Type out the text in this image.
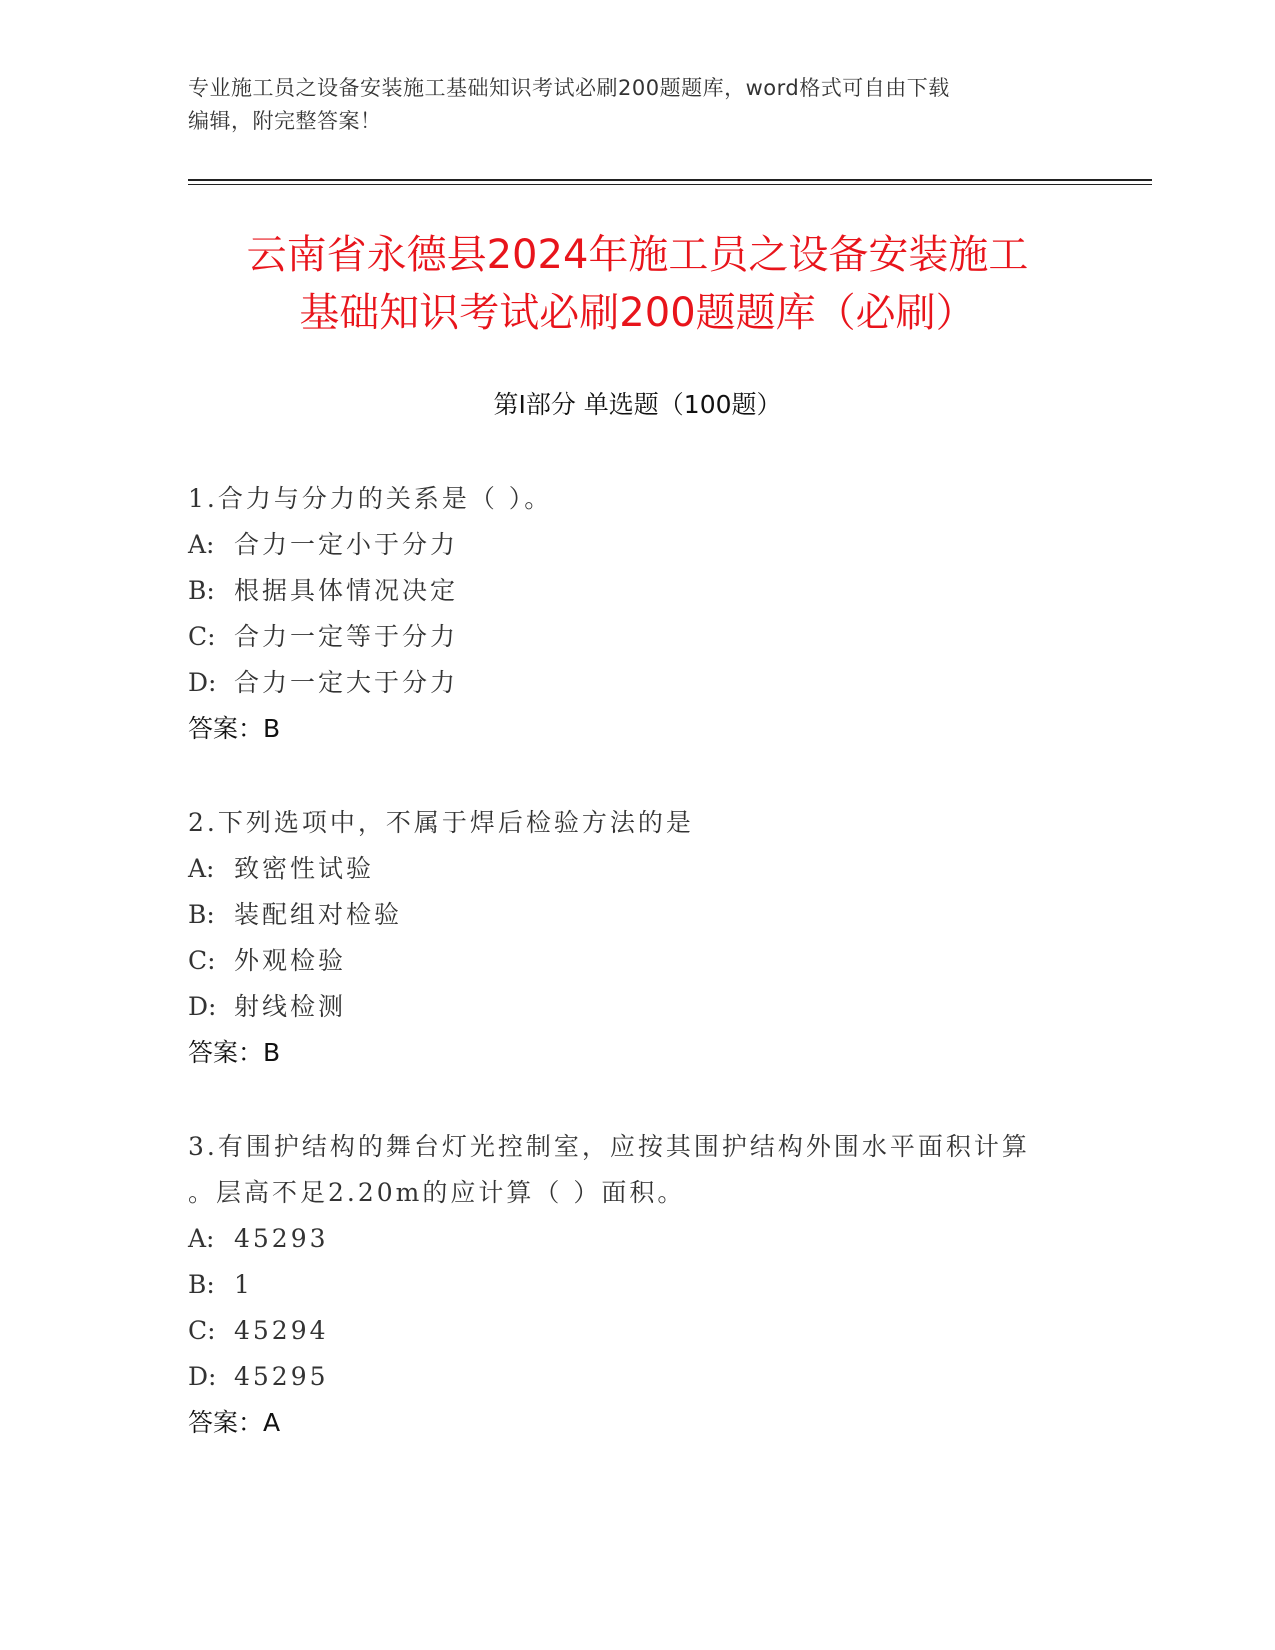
专业施工员之设备安装施工基础知识考试必刷200题题库，word格式可自由下载
编辑，附完整答案！
云南省永德县2024年施工员之设备安装施工
基础知识考试必刷200题题库（必刷）
第Ⅰ部分 单选题（100题）
1.合力与分力的关系是（ ）。
A: 合力一定小于分力
B: 根据具体情况决定
C: 合力一定等于分力
D: 合力一定大于分力
答案：B
2.下列选项中，不属于焊后检验方法的是
A: 致密性试验
B: 装配组对检验
C: 外观检验
D: 射线检测
答案：B
3.有围护结构的舞台灯光控制室，应按其围护结构外围水平面积计算
。层高不足2.20m的应计算（ ）面积。
A: 45293
B: 1
C: 45294
D: 45295
答案：A
